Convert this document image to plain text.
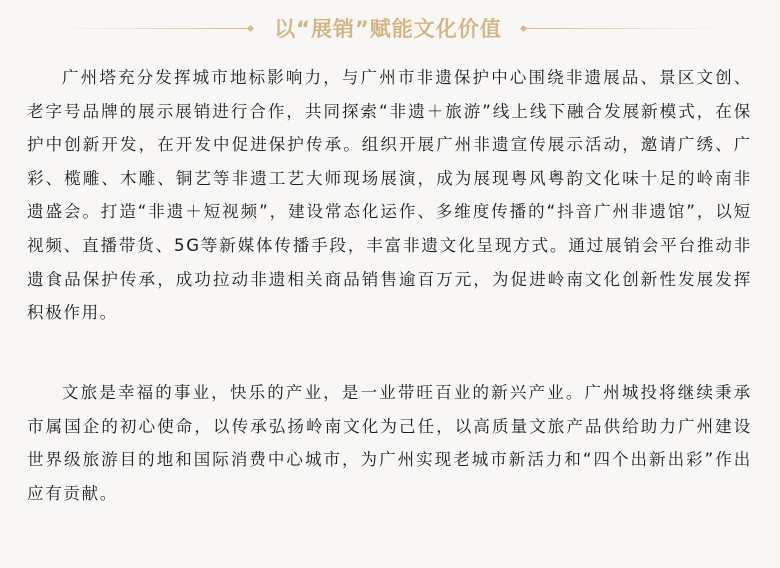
以“展销”赋能文化价值

广州塔充分发挥城市地标影响力，与广州市非遗保护中心围绕非遗展品、景区文创、老字号品牌的展示展销进行合作，共同探索“非遗＋旅游”线上线下融合发展新模式，在保护中创新开发，在开发中促进保护传承。组织开展广州非遗宣传展示活动，邀请广绣、广彩、榄雕、木雕、铜艺等非遗工艺大师现场展演，成为展现粤风粤韵文化味十足的岭南非遗盛会。打造“非遗＋短视频”，建设常态化运作、多维度传播的“抖音广州非遗馆”，以短视频、直播带货、5G等新媒体传播手段，丰富非遗文化呈现方式。通过展销会平台推动非遗食品保护传承，成功拉动非遗相关商品销售逾百万元，为促进岭南文化创新性发展发挥积极作用。

文旅是幸福的事业，快乐的产业，是一业带旺百业的新兴产业。广州城投将继续秉承市属国企的初心使命，以传承弘扬岭南文化为己任，以高质量文旅产品供给助力广州建设世界级旅游目的地和国际消费中心城市，为广州实现老城市新活力和“四个出新出彩”作出应有贡献。
